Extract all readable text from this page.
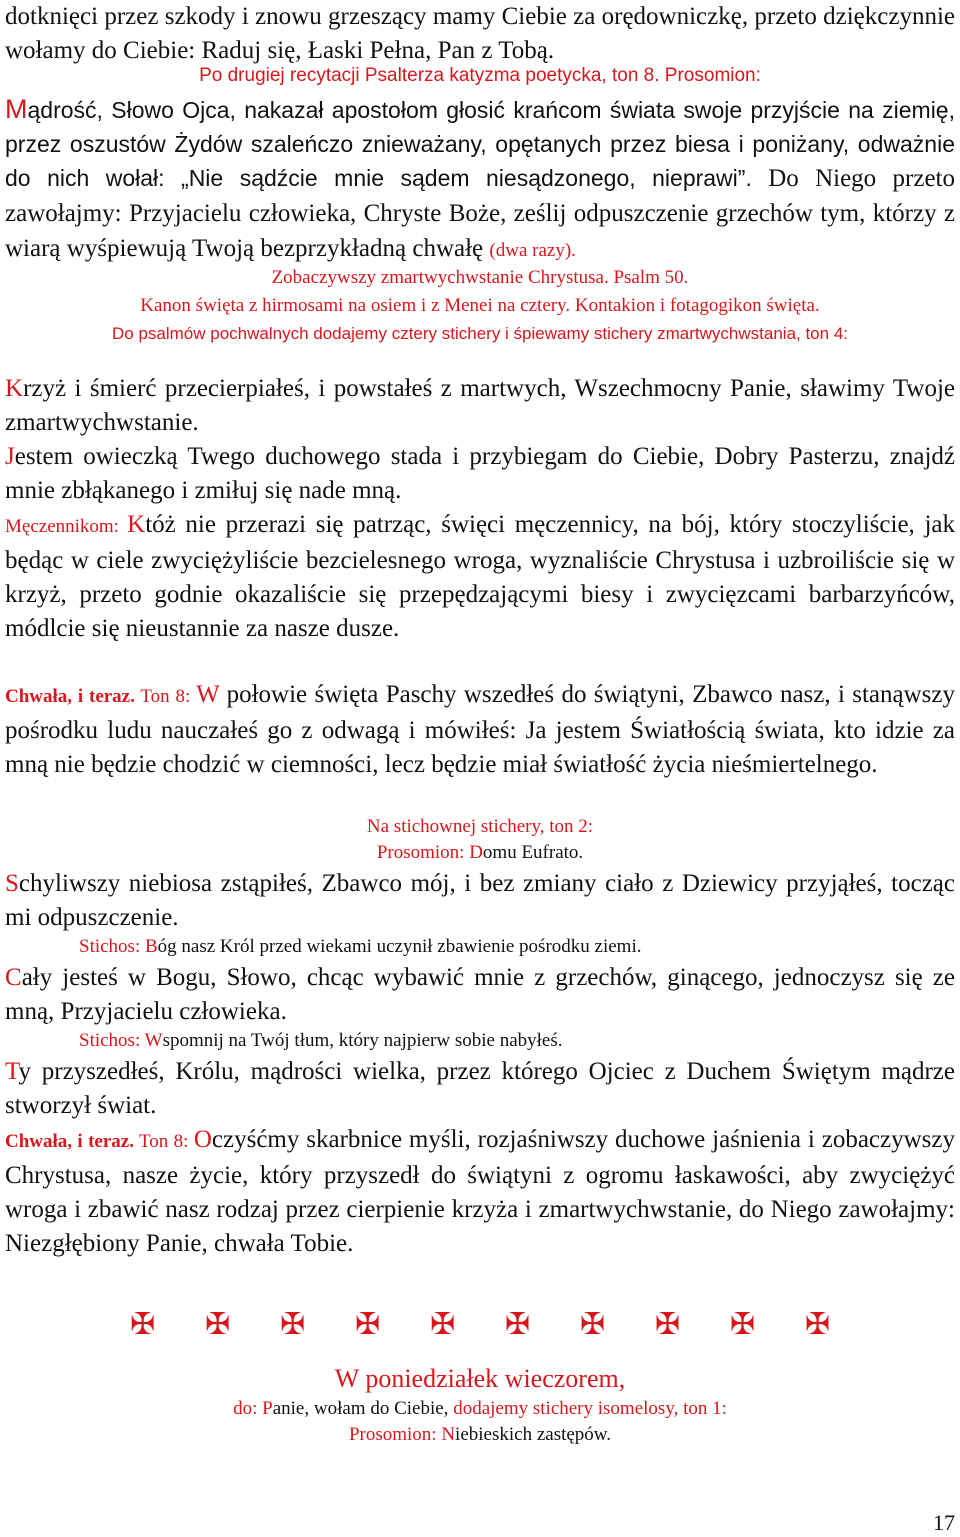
dotknięci przez szkody i znowu grzeszący mamy Ciebie za orędowniczkę, przeto dziękczynnie wołamy do Ciebie: Raduj się, Łaski Pełna, Pan z Tobą.

Po drugiej recytacji Psalterza katyzma poetycka, ton 8. Prosomion:

Mądrość, Słowo Ojca, nakazał apostołom głosić krańcom świata swoje przyjście na ziemię, przez oszustów Żydów szaleńczo znieważany, opętanych przez biesa i poniżany, odważnie do nich wołał: „Nie sądźcie mnie sądem niesądzonego, nieprawi”. Do Niego przeto zawołajmy: Przyjacielu człowieka, Chryste Boże, ześlij odpuszczenie grzechów tym, którzy z wiarą wyśpiewują Twoją bezprzykładną chwałę (dwa razy).

Zobaczywszy zmartwychwstanie Chrystusa. Psalm 50.

Kanon święta z hirmosami na osiem i z Menei na cztery. Kontakion i fotagogikon święta.

Do psalmów pochwalnych dodajemy cztery stichery i śpiewamy stichery zmartwychwstania, ton 4:

Krzyż i śmierć przecierpiałeś, i powstałeś z martwych, Wszechmocny Panie, sławimy Twoje zmartwychwstanie.

Jestem owieczką Twego duchowego stada i przybiegam do Ciebie, Dobry Pasterzu, znajdź mnie zbłąkanego i zmiłuj się nade mną.

Męczennikom: Któż nie przerazi się patrząc, święci męczennicy, na bój, który stoczyliście, jak będąc w ciele zwyciężyliście bezcielesnego wroga, wyznaliście Chrystusa i uzbroiliście się w krzyż, przeto godnie okazaliście się przepędzającymi biesy i zwycięzcami barbarzyńców, módlcie się nieustannie za nasze dusze.

Chwała, i teraz. Ton 8: W połowie święta Paschy wszedłeś do świątyni, Zbawco nasz, i stanąwszy pośrodku ludu nauczałeś go z odwagą i mówiłeś: Ja jestem Światłością świata, kto idzie za mną nie będzie chodzić w ciemności, lecz będzie miał światłość życia nieśmiertelnego.

Na stichownej stichery, ton 2:

Prosomion: Domu Eufrato.

Schyliwszy niebiosa zstąpiłeś, Zbawco mój, i bez zmiany ciało z Dziewicy przyjąłeś, tocząc mi odpuszczenie.

Stichos: Bóg nasz Król przed wiekami uczynił zbawienie pośrodku ziemi.

Cały jesteś w Bogu, Słowo, chcąc wybawić mnie z grzechów, ginącego, jednoczysz się ze mną, Przyjacielu człowieka.

Stichos: Wspomnij na Twój tłum, który najpierw sobie nabyłeś.

Ty przyszedłeś, Królu, mądrości wielka, przez którego Ojciec z Duchem Świętym mądrze stworzył świat.

Chwała, i teraz. Ton 8: Oczyśćmy skarbnice myśli, rozjaśniwszy duchowe jaśnienia i zobaczywszy Chrystusa, nasze życie, który przyszedł do świątyni z ogromu łaskawości, aby zwyciężyć wroga i zbawić nasz rodzaj przez cierpienie krzyża i zmartwychwstanie, do Niego zawołajmy: Niezgłębiony Panie, chwała Tobie.

✠ ✠ ✠ ✠ ✠ ✠ ✠ ✠ ✠ ✠

W poniedziałek wieczorem,

do: Panie, wołam do Ciebie, dodajemy stichery isomelosy, ton 1:

Prosomion: Niebieskich zastępów.

17
